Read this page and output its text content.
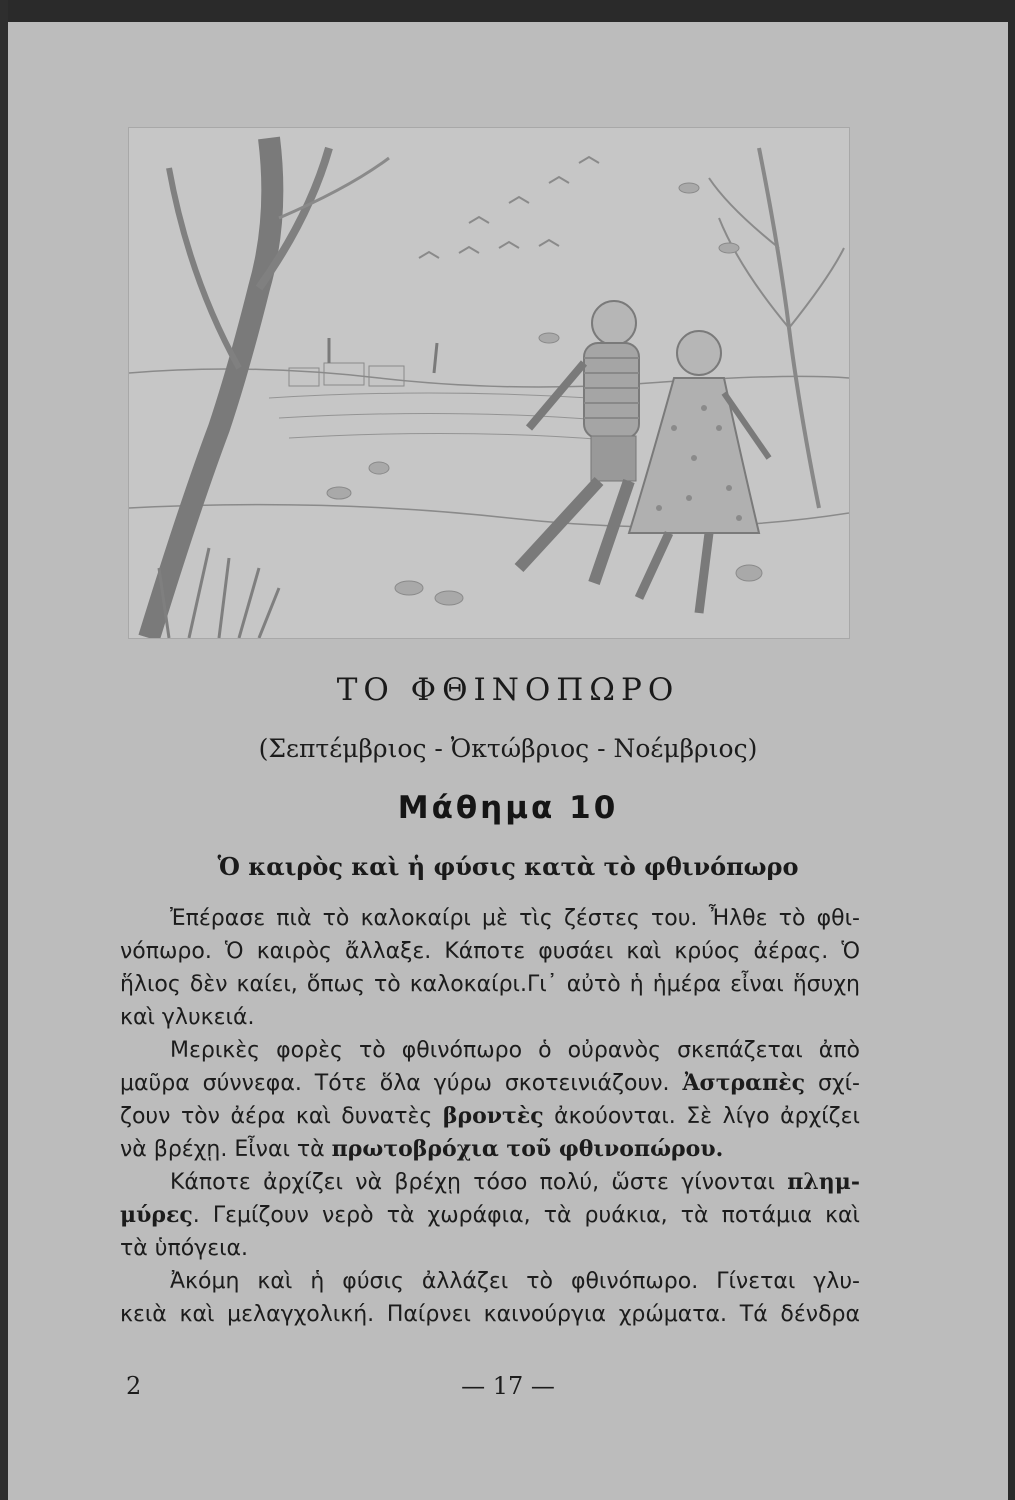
ΤΟ ΦΘΙΝΟΠΩΡΟ
(Σεπτέμβριος - Ὀκτώβριος - Νοέμβριος)
Μάθημα 10
Ὁ καιρὸς καὶ ἡ φύσις κατὰ τὸ φθινόπωρο
Ἐπέρασε πιὰ τὸ καλοκαίρι μὲ τὶς ζέστες του. Ἦλθε τὸ φθι-
νόπωρο. Ὁ καιρὸς ἄλλαξε. Κάποτε φυσάει καὶ κρύος ἀέρας. Ὁ
ἥλιος δὲν καίει, ὅπως τὸ καλοκαίρι.Γι᾽ αὐτὸ ἡ ἡμέρα εἶναι ἥσυχη
καὶ γλυκειά.
Μερικὲς φορὲς τὸ φθινόπωρο ὁ οὐρανὸς σκεπάζεται ἀπὸ
μαῦρα σύννεφα. Τότε ὅλα γύρω σκοτεινιάζουν. Ἀστραπὲς σχί-
ζουν τὸν ἀέρα καὶ δυνατὲς βροντὲς ἀκούονται. Σὲ λίγο ἀρχίζει
νὰ βρέχῃ. Εἶναι τὰ πρωτοβρόχια τοῦ φθινοπώρου.
Κάποτε ἀρχίζει νὰ βρέχῃ τόσο πολύ, ὥστε γίνονται πλημ-
μύρες. Γεμίζουν νερὸ τὰ χωράφια, τὰ ρυάκια, τὰ ποτάμια καὶ
τὰ ὑπόγεια.
Ἀκόμη καὶ ἡ φύσις ἀλλάζει τὸ φθινόπωρο. Γίνεται γλυ-
κειὰ καὶ μελαγχολική. Παίρνει καινούργια χρώματα. Τά δένδρα
2	— 17 —
